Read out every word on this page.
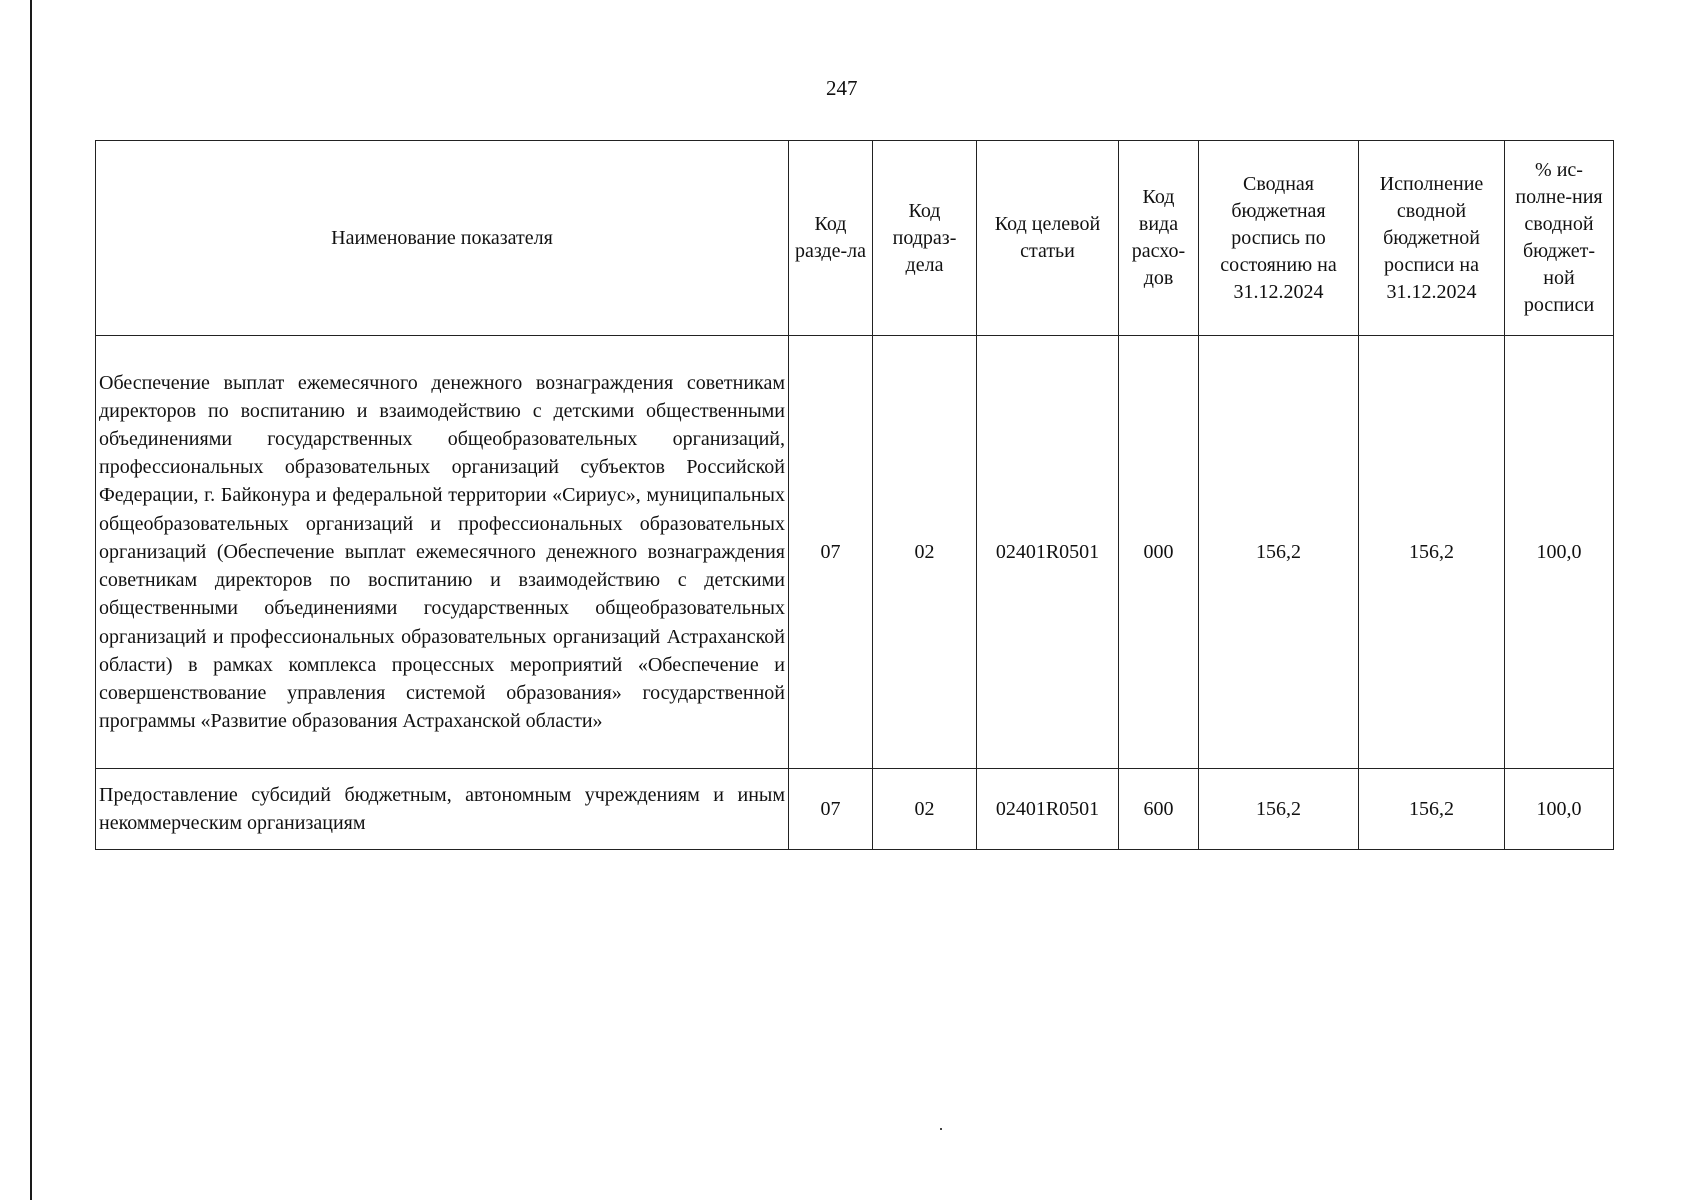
247
Наименование показателя	Код разде-ла	Код подраз-дела	Код целевой статьи	Код вида расхо-дов	Сводная бюджетная роспись по состоянию на 31.12.2024	Исполнение сводной бюджетной росписи на 31.12.2024	% ис-полне-ния сводной бюджет-ной росписи
Обеспечение выплат ежемесячного денежного вознаграждения советникам директоров по воспитанию и взаимодействию с детскими общественными объединениями государственных общеобразовательных организаций, профессиональных образовательных организаций субъектов Российской Федерации, г. Байконура и федеральной территории «Сириус», муниципальных общеобразовательных организаций и профессиональных образовательных организаций (Обеспечение выплат ежемесячного денежного вознаграждения советникам директоров по воспитанию и взаимодействию с детскими общественными объединениями государственных общеобразовательных организаций и профессиональных образовательных организаций Астраханской области) в рамках комплекса процессных мероприятий «Обеспечение и совершенствование управления системой образования» государственной программы «Развитие образования Астраханской области»	07	02	02401R0501	000	156,2	156,2	100,0
Предоставление субсидий бюджетным, автономным учреждениям и иным некоммерческим организациям	07	02	02401R0501	600	156,2	156,2	100,0
